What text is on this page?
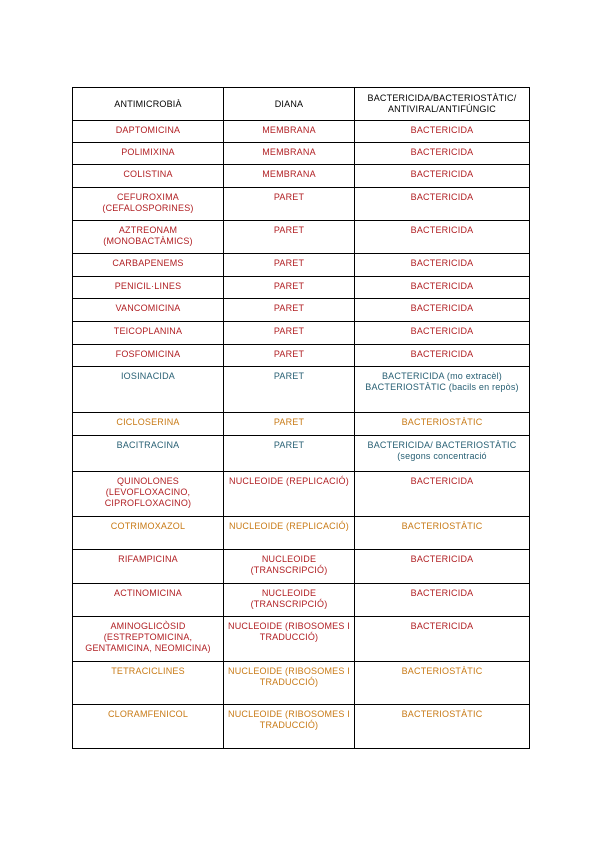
ANTIMICROBIÀ	DIANA	BACTERICIDA/BACTERIOSTÀTIC/ ANTIVIRAL/ANTIFÚNGIC
DAPTOMICINA	MEMBRANA	BACTERICIDA
POLIMIXINA	MEMBRANA	BACTERICIDA
COLISTINA	MEMBRANA	BACTERICIDA
CEFUROXIMA (CEFALOSPORINES)	PARET	BACTERICIDA
AZTREONAM (MONOBACTÀMICS)	PARET	BACTERICIDA
CARBAPENEMS	PARET	BACTERICIDA
PENICIL·LINES	PARET	BACTERICIDA
VANCOMICINA	PARET	BACTERICIDA
TEICOPLANINA	PARET	BACTERICIDA
FOSFOMICINA	PARET	BACTERICIDA
IOSINACIDA	PARET	BACTERICIDA (mo extracèl) BACTERIOSTÀTIC (bacils en repòs)
CICLOSERINA	PARET	BACTERIOSTÀTIC
BACITRACINA	PARET	BACTERICIDA/ BACTERIOSTÀTIC (segons concentració
QUINOLONES (LEVOFLOXACINO, CIPROFLOXACINO)	NUCLEOIDE (REPLICACIÓ)	BACTERICIDA
COTRIMOXAZOL	NUCLEOIDE (REPLICACIÓ)	BACTERIOSTÀTIC
RIFAMPICINA	NUCLEOIDE (TRANSCRIPCIÓ)	BACTERICIDA
ACTINOMICINA	NUCLEOIDE (TRANSCRIPCIÓ)	BACTERICIDA
AMINOGLICÒSID (ESTREPTOMICINA, GENTAMICINA, NEOMICINA)	NUCLEOIDE (RIBOSOMES I TRADUCCIÓ)	BACTERICIDA
TETRACICLINES	NUCLEOIDE (RIBOSOMES I TRADUCCIÓ)	BACTERIOSTÀTIC
CLORAMFENICOL	NUCLEOIDE (RIBOSOMES I TRADUCCIÓ)	BACTERIOSTÀTIC
